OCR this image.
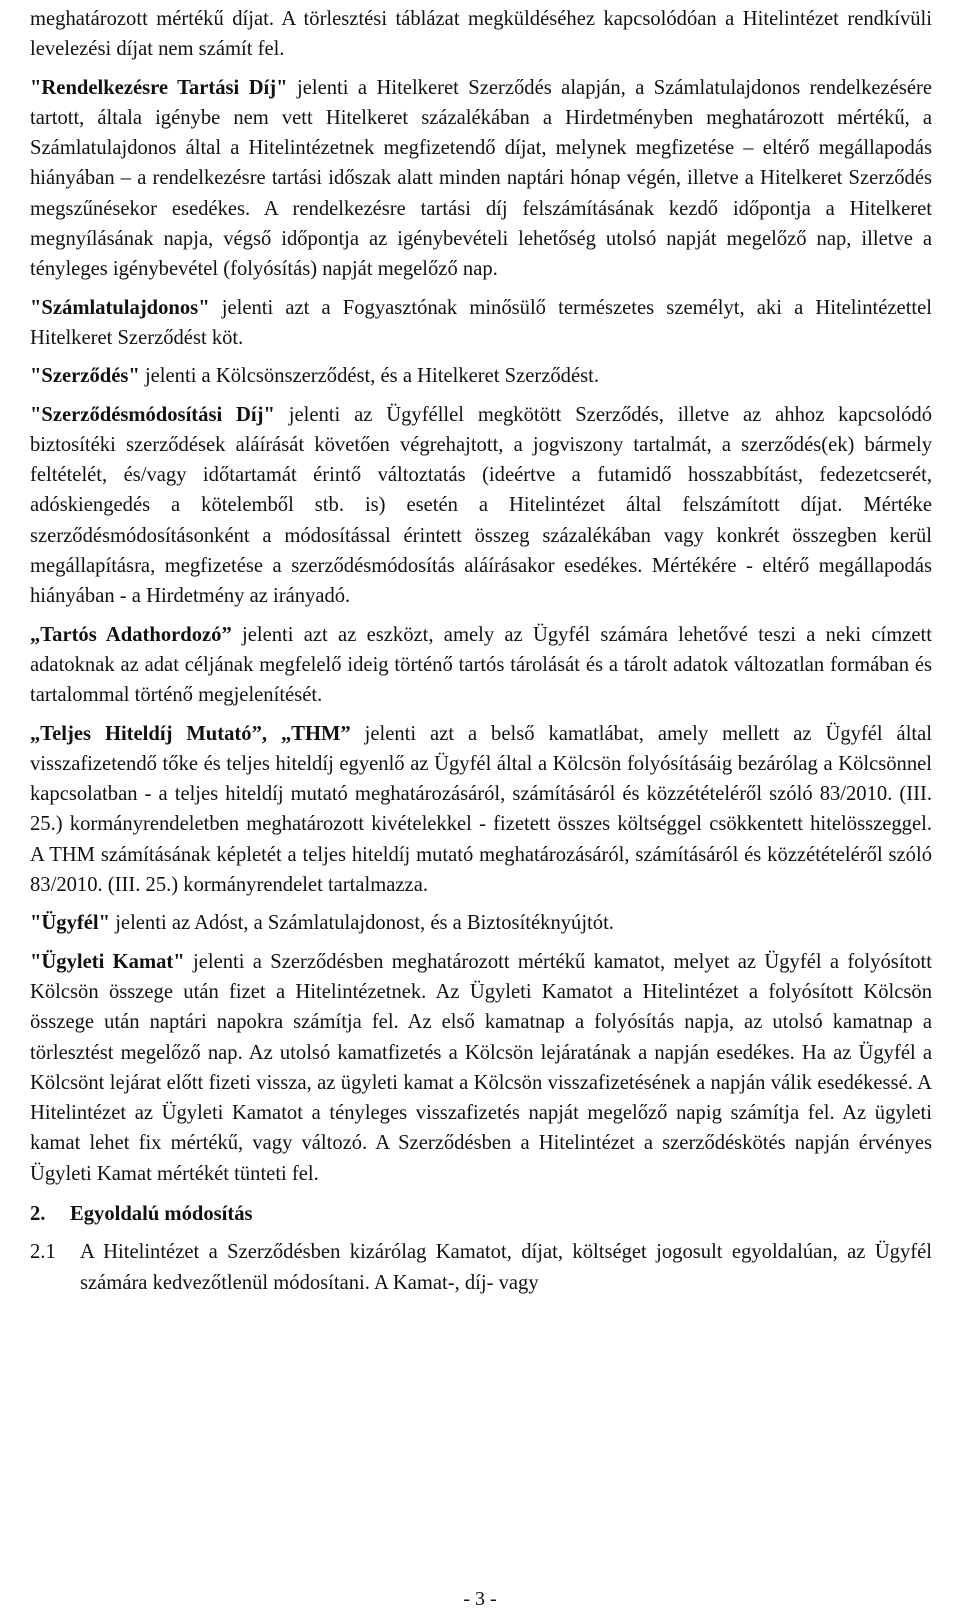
meghatározott mértékű díjat. A törlesztési táblázat megküldéséhez kapcsolódóan a Hitelintézet rendkívüli levelezési díjat nem számít fel.

"Rendelkezésre Tartási Díj" jelenti a Hitelkeret Szerződés alapján, a Számlatulajdonos rendelkezésére tartott, általa igénybe nem vett Hitelkeret százalékában a Hirdetményben meghatározott mértékű, a Számlatulajdonos által a Hitelintézetnek megfizetendő díjat, melynek megfizetése – eltérő megállapodás hiányában – a rendelkezésre tartási időszak alatt minden naptári hónap végén, illetve a Hitelkeret Szerződés megszűnésekor esedékes. A rendelkezésre tartási díj felszámításának kezdő időpontja a Hitelkeret megnyílásának napja, végső időpontja az igénybevételi lehetőség utolsó napját megelőző nap, illetve a tényleges igénybevétel (folyósítás) napját megelőző nap.

"Számlatulajdonos" jelenti azt a Fogyasztónak minősülő természetes személyt, aki a Hitelintézettel Hitelkeret Szerződést köt.

"Szerződés" jelenti a Kölcsönszerződést, és a Hitelkeret Szerződést.

"Szerződésmódosítási Díj" jelenti az Ügyféllel megkötött Szerződés, illetve az ahhoz kapcsolódó biztosítéki szerződések aláírását követően végrehajtott, a jogviszony tartalmát, a szerződés(ek) bármely feltételét, és/vagy időtartamát érintő változtatás (ideértve a futamidő hosszabbítást, fedezetcserét, adóskiengedés a kötelemből stb. is) esetén a Hitelintézet által felszámított díjat. Mértéke szerződésmódosításonként a módosítással érintett összeg százalékában vagy konkrét összegben kerül megállapításra, megfizetése a szerződésmódosítás aláírásakor esedékes. Mértékére - eltérő megállapodás hiányában - a Hirdetmény az irányadó.

„Tartós Adathordozó” jelenti azt az eszközt, amely az Ügyfél számára lehetővé teszi a neki címzett adatoknak az adat céljának megfelelő ideig történő tartós tárolását és a tárolt adatok változatlan formában és tartalommal történő megjelenítését.

„Teljes Hiteldíj Mutató”, „THM” jelenti azt a belső kamatlábat, amely mellett az Ügyfél által visszafizetendő tőke és teljes hiteldíj egyenlő az Ügyfél által a Kölcsön folyósításáig bezárólag a Kölcsönnel kapcsolatban - a teljes hiteldíj mutató meghatározásáról, számításáról és közzétételéről szóló 83/2010. (III. 25.) kormányrendeletben meghatározott kivételekkel - fizetett összes költséggel csökkentett hitelösszeggel. A THM számításának képletét a teljes hiteldíj mutató meghatározásáról, számításáról és közzétételéről szóló 83/2010. (III. 25.) kormányrendelet tartalmazza.

"Ügyfél" jelenti az Adóst, a Számlatulajdonost, és a Biztosítéknyújtót.

"Ügyleti Kamat" jelenti a Szerződésben meghatározott mértékű kamatot, melyet az Ügyfél a folyósított Kölcsön összege után fizet a Hitelintézetnek. Az Ügyleti Kamatot a Hitelintézet a folyósított Kölcsön összege után naptári napokra számítja fel. Az első kamatnap a folyósítás napja, az utolsó kamatnap a törlesztést megelőző nap. Az utolsó kamatfizetés a Kölcsön lejáratának a napján esedékes. Ha az Ügyfél a Kölcsönt lejárat előtt fizeti vissza, az ügyleti kamat a Kölcsön visszafizetésének a napján válik esedékessé. A Hitelintézet az Ügyleti Kamatot a tényleges visszafizetés napját megelőző napig számítja fel. Az ügyleti kamat lehet fix mértékű, vagy változó. A Szerződésben a Hitelintézet a szerződéskötés napján érvényes Ügyleti Kamat mértékét tünteti fel.

2. Egyoldalú módosítás
2.1	A Hitelintézet a Szerződésben kizárólag Kamatot, díjat, költséget jogosult egyoldalúan, az Ügyfél számára kedvezőtlenül módosítani. A Kamat-, díj- vagy
- 3 -
